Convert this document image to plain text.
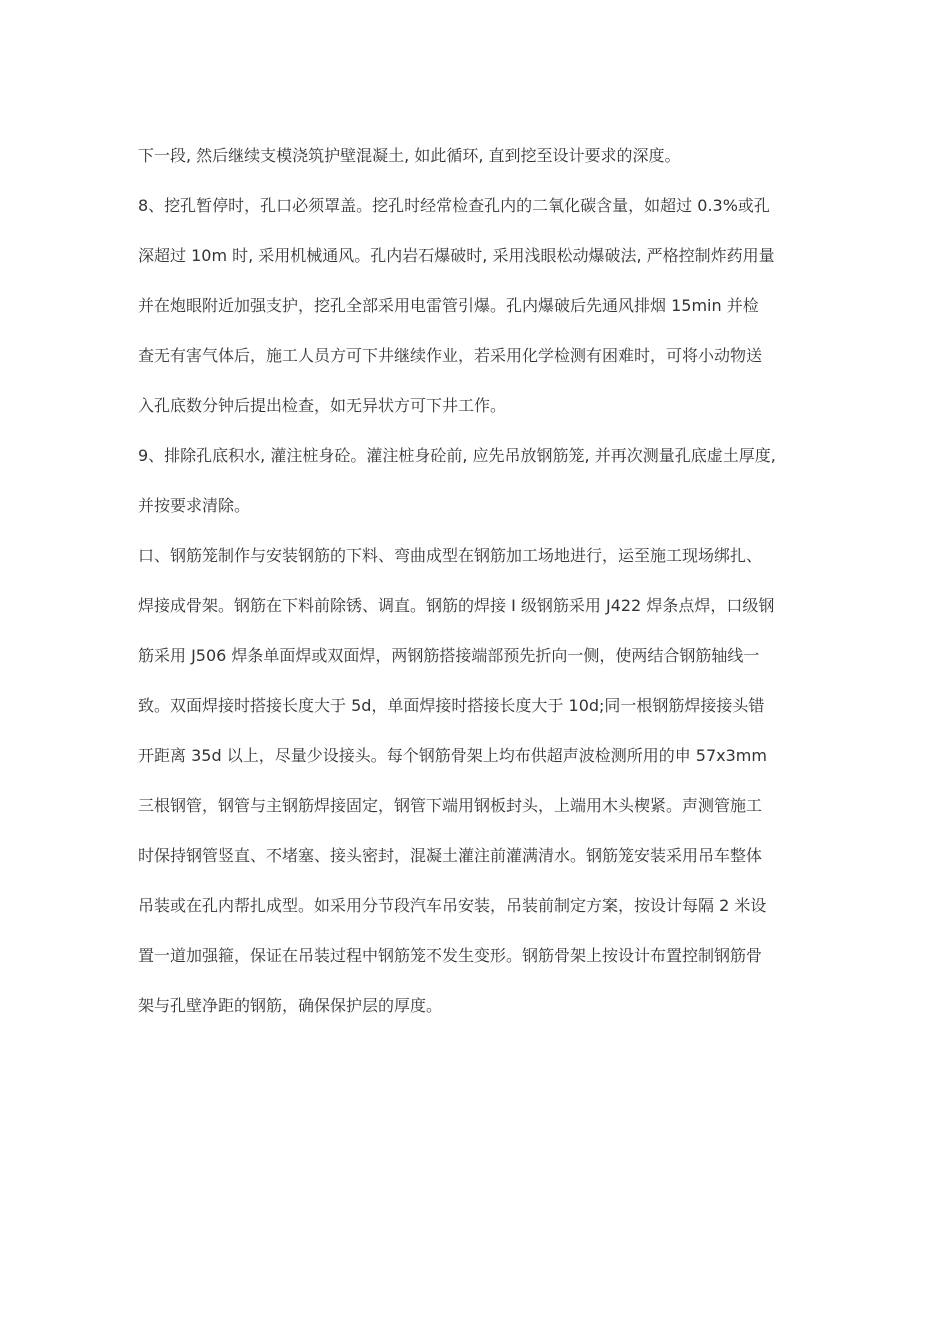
下一段, 然后继续支模浇筑护壁混凝土, 如此循环, 直到挖至设计要求的深度。
8、挖孔暂停时，孔口必须罩盖。挖孔时经常检查孔内的二氧化碳含量，如超过 0.3%或孔
深超过 10m 时, 采用机械通风。孔内岩石爆破时, 采用浅眼松动爆破法, 严格控制炸药用量
并在炮眼附近加强支护，挖孔全部采用电雷管引爆。孔内爆破后先通风排烟 15min 并检
查无有害气体后，施工人员方可下井继续作业，若采用化学检测有困难时，可将小动物送
入孔底数分钟后提出检查，如无异状方可下井工作。
9、排除孔底积水, 灌注桩身砼。灌注桩身砼前, 应先吊放钢筋笼, 并再次测量孔底虚土厚度,
并按要求清除。
口、钢筋笼制作与安装钢筋的下料、弯曲成型在钢筋加工场地进行，运至施工现场绑扎、
焊接成骨架。钢筋在下料前除锈、调直。钢筋的焊接 I 级钢筋采用 J422 焊条点焊，口级钢
筋采用 J506 焊条单面焊或双面焊，两钢筋搭接端部预先折向一侧，使两结合钢筋轴线一
致。双面焊接时搭接长度大于 5d，单面焊接时搭接长度大于 10d;同一根钢筋焊接接头错
开距离 35d 以上，尽量少设接头。每个钢筋骨架上均布供超声波检测所用的申 57x3mm
三根钢管，钢管与主钢筋焊接固定，钢管下端用钢板封头，上端用木头楔紧。声测管施工
时保持钢管竖直、不堵塞、接头密封，混凝土灌注前灌满清水。钢筋笼安装采用吊车整体
吊装或在孔内帮扎成型。如采用分节段汽车吊安装，吊装前制定方案，按设计每隔 2 米设
置一道加强箍，保证在吊装过程中钢筋笼不发生变形。钢筋骨架上按设计布置控制钢筋骨
架与孔壁净距的钢筋，确保保护层的厚度。
